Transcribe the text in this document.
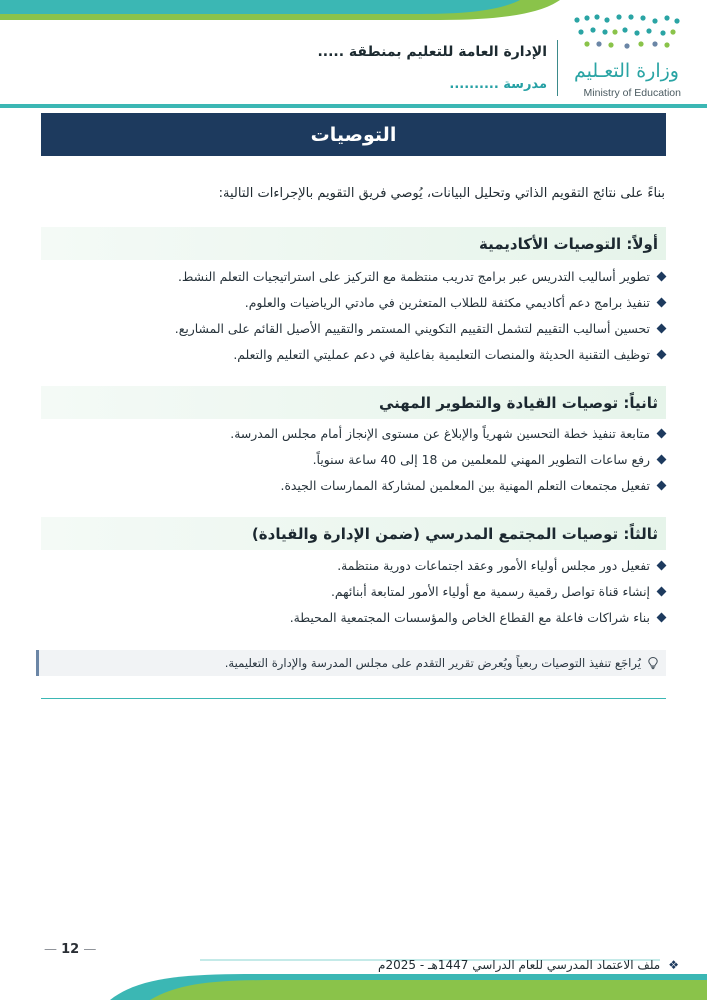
وزارة التعـليم
Ministry of Education
الإدارة العامة للتعليم بمنطقة .....
مدرسة ..........
التوصيات
بناءً على نتائج التقويم الذاتي وتحليل البيانات، يُوصي فريق التقويم بالإجراءات التالية:
أولاً: التوصيات الأكاديمية
تطوير أساليب التدريس عبر برامج تدريب منتظمة مع التركيز على استراتيجيات التعلم النشط.
تنفيذ برامج دعم أكاديمي مكثفة للطلاب المتعثرين في مادتي الرياضيات والعلوم.
تحسين أساليب التقييم لتشمل التقييم التكويني المستمر والتقييم الأصيل القائم على المشاريع.
توظيف التقنية الحديثة والمنصات التعليمية بفاعلية في دعم عمليتي التعليم والتعلم.
ثانياً: توصيات القيادة والتطوير المهني
متابعة تنفيذ خطة التحسين شهرياً والإبلاغ عن مستوى الإنجاز أمام مجلس المدرسة.
رفع ساعات التطوير المهني للمعلمين من 18 إلى 40 ساعة سنوياً.
تفعيل مجتمعات التعلم المهنية بين المعلمين لمشاركة الممارسات الجيدة.
ثالثاً: توصيات المجتمع المدرسي (ضمن الإدارة والقيادة)
تفعيل دور مجلس أولياء الأمور وعقد اجتماعات دورية منتظمة.
إنشاء قناة تواصل رقمية رسمية مع أولياء الأمور لمتابعة أبنائهم.
بناء شراكات فاعلة مع القطاع الخاص والمؤسسات المجتمعية المحيطة.
يُراجَع تنفيذ التوصيات ربعياً ويُعرض تقرير التقدم على مجلس المدرسة والإدارة التعليمية.
— 12 —
❖ملف الاعتماد المدرسي للعام الدراسي 1447هـ - 2025م
